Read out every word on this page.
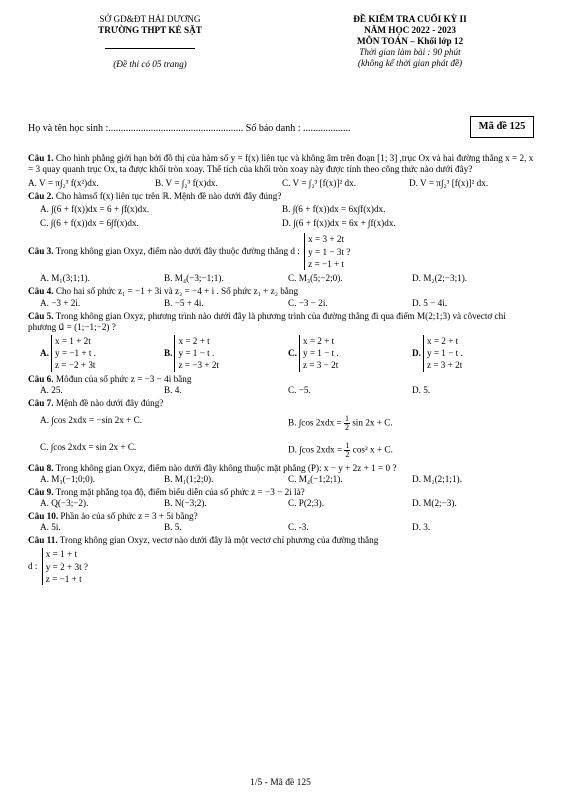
SỞ GD&ĐT HẢI DƯƠNG
TRƯỜNG THPT KẺ SẶT
(Đề thi có 05 trang)
ĐỀ KIỂM TRA CUỐI KỲ II
NĂM HỌC 2022 - 2023
MÔN TOÁN – Khối lớp 12
Thời gian làm bài : 90 phút
(không kể thời gian phát đề)
Họ và tên học sinh :...................................................... Số báo danh : ...................	Mã đề 125
Câu 1. Cho hình phẳng giới hạn bởi đồ thị của hàm số y = f(x) liên tục và không âm trên đoạn [1; 3] ,trục Ox và hai đường thẳng x = 2, x = 3 quay quanh trục Ox, ta được khối tròn xoay. Thể tích của khối tròn xoay này được tính theo công thức nào dưới đây?
A. V = π∫₂³ f(x²)dx.	B. V = ∫₂³ f(x)dx.	C. V = ∫₂³ [f(x)]² dx.	D. V = π∫₂³ [f(x)]² dx.
Câu 2. Cho hàmsố f(x) liên tục trên ℝ. Mệnh đề nào dưới đây đúng?
A. ∫(6 + f(x))dx = 6 + ∫f(x)dx.	B. ∫(6 + f(x))dx = 6x∫f(x)dx.
C. ∫(6 + f(x))dx = 6∫f(x)dx.	D. ∫(6 + f(x))dx = 6x + ∫f(x)dx.
Câu 3. Trong không gian Oxyz, điểm nào dưới đây thuộc đường thẳng d :
x = 3 + 2t
y = 1 − 3t ?
z = −1 + t
A. M₁(3;1;1).	B. M₄(−3;−1;1).	C. M₃(5;−2;0).	D. M₂(2;−3;1).
Câu 4. Cho hai số phức z₁ = −1 + 3i và z₂ = −4 + i . Số phức z₁ + z₂ bằng
A. −3 + 2i.	B. −5 + 4i.	C. −3 − 2i.	D. 5 − 4i.
Câu 5. Trong không gian Oxyz, phương trình nào dưới đây là phương trình của đường thẳng đi qua điểm M(2;1;3) và côvectơ chỉ phương u⃗ = (1;−1;−2) ?
A.
x = 1 + 2t
y = −1 + t .
z = −2 + 3t
B.
x = 2 + t
y = 1 − t .
z = −3 + 2t
C.
x = 2 + t
y = 1 − t .
z = 3 − 2t
D.
x = 2 + t
y = 1 − t .
z = 3 + 2t
Câu 6. Môđun của số phức z = −3 − 4i bằng
A. 25.	B. 4.	C. −5.	D. 5.
Câu 7. Mệnh đề nào dưới đây đúng?
A. ∫cos 2xdx = −sin 2x + C.	B. ∫cos $2xdx = \frac{1}{2}$ sin 2x + C.
C. ∫cos 2xdx = sin 2x + C.	D. ∫cos $2xdx = \frac{1}{2} \cos^2$ x + C.
Câu 8. Trong không gian Oxyz, điểm nào dưới đây không thuộc mặt phẳng (P): x − y + 2z + 1 = 0 ?
A. M₃(−1;0;0).	B. M₁(1;2;0).	C. M₄(−1;2;1).	D. M₂(2;1;1).
Câu 9. Trong mặt phẳng tọa độ, điểm biểu diễn của số phức z = −3 − 2i là?
A. Q(−3;−2).	B. N(−3;2).	C. P(2;3).	D. M(2;−3).
Câu 10. Phần ảo của số phức z = 3 + 5i bằng?
A. 5i.	B. 5.	C. -3.	D. 3.
Câu 11. Trong không gian Oxyz, vectơ nào dưới đây là một vectơ chỉ phương của đường thẳng
d :
x = 1 + t
y = 2 + 3t ?
z = −1 + t
1/5 - Mã đề 125
